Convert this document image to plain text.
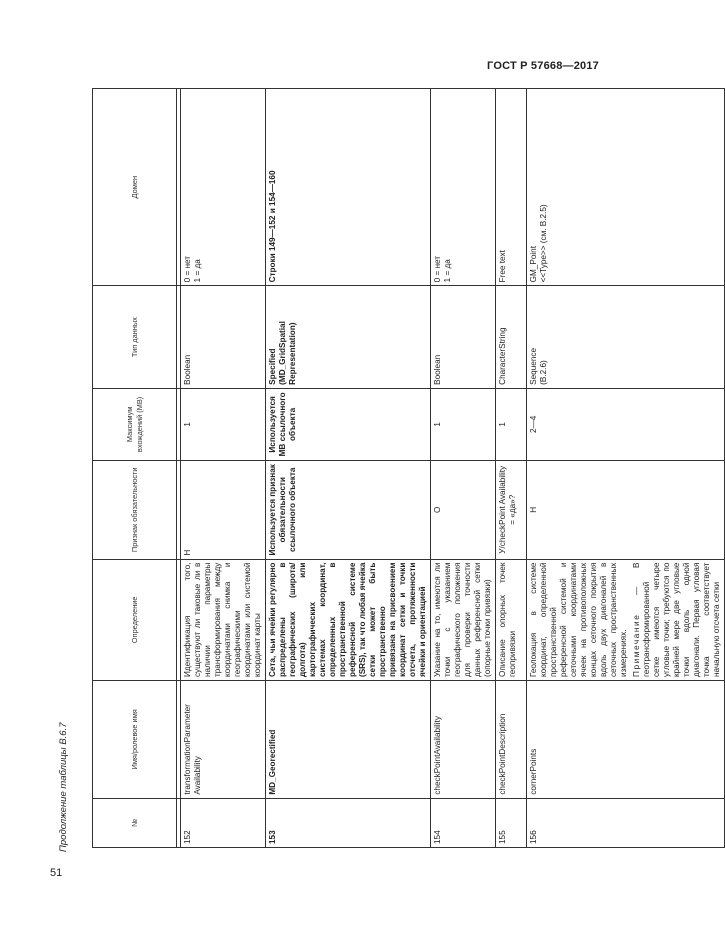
ГОСТ Р 57668—2017
Продолжение таблицы В.6.7
51
№	Имя/ролевое имя	Определение	Признак обязательности	Максимум вхождений (МВ)	Тип данных	Домен

152	transformationParameter Availability	Идентификация того, существуют ли таковые ли в наличии параметры трансформирования между координатами снимка и географическими координатами или системой координат карты	Н	1	Boolean	0 = нет
1 = да
153	MD_Georectified	Сета, чьи ячейки регулярно распределены в географических (широта/долгота) или картографических системах координат, определенных в пространственной референсной системе (SRS), так что любая ячейка сетки может быть пространственно привязана на присвоением координат сетки и точки отсчета, протяженности ячейки и ориентацией	Используется признак обязательности ссылочного объекта	Используется МВ ссылочного объекта	Specified (MD_GridSpatial Representation)	Строки 149—152 и 154—160
154	checkPointAvailability	Указание на то, имеются ли точки с указанием географического положения для проверки точности данных референсной сетки (опорные точки привязки)	О	1	Boolean	0 = нет
1 = да
155	checkPointDescription	Описание опорных точек геопривязки	У/checkPoint Availability = «да»?	1	CharacterString	Free text
156	cornerPoints	Геолокация в системе координат, определенной пространственной референсной системой и сеточными координатами ячеек на противоположных концах сеточного покрытия вдоль двух диагоналей в сеточных пространственных измерениях. Примечание — В геотрансформированной сетке имеются четыре угловые точки; требуются по крайней мере две угловые точки вдоль одной диагонали. Первая угловая точка соответствует начальную отсчета сетки	Н	2—4	Sequence (В.2.6)	GM_Point <<Type>> (см. В.2.5)
